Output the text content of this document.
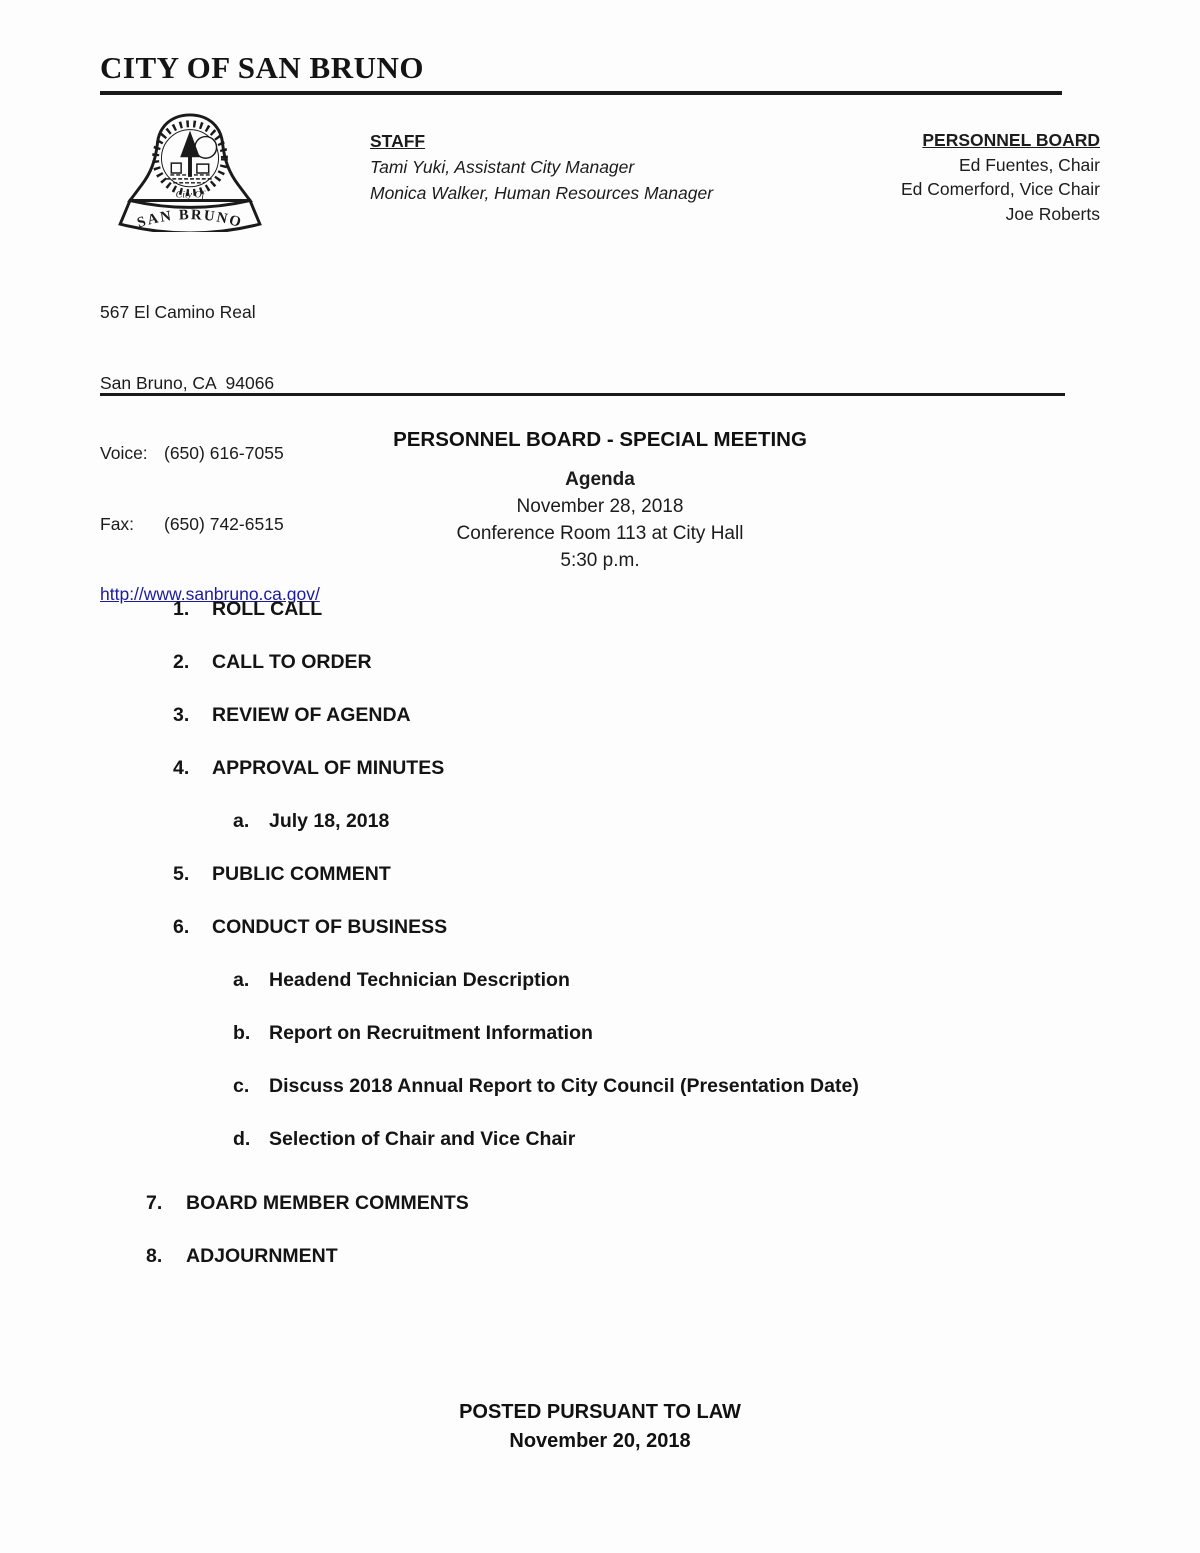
CITY OF SAN BRUNO
City Of
SAN BRUNO
STAFF
Tami Yuki, Assistant City Manager
Monica Walker, Human Resources Manager
PERSONNEL BOARD
Ed Fuentes, Chair
Ed Comerford, Vice Chair
Joe Roberts

567 El Camino Real

San Bruno, CA  94066

Voice: (650) 616-7055

Fax: (650) 742-6515

http://www.sanbruno.ca.gov/

PERSONNEL BOARD - SPECIAL MEETING
Agenda
November 28, 2018
Conference Room 113 at City Hall
5:30 p.m.
1. ROLL CALL
2. CALL TO ORDER
3. REVIEW OF AGENDA
4. APPROVAL OF MINUTES
a. July 18, 2018
5. PUBLIC COMMENT
6. CONDUCT OF BUSINESS
a. Headend Technician Description
b. Report on Recruitment Information
c. Discuss 2018 Annual Report to City Council (Presentation Date)
d. Selection of Chair and Vice Chair
7. BOARD MEMBER COMMENTS
8. ADJOURNMENT
POSTED PURSUANT TO LAW
November 20, 2018
